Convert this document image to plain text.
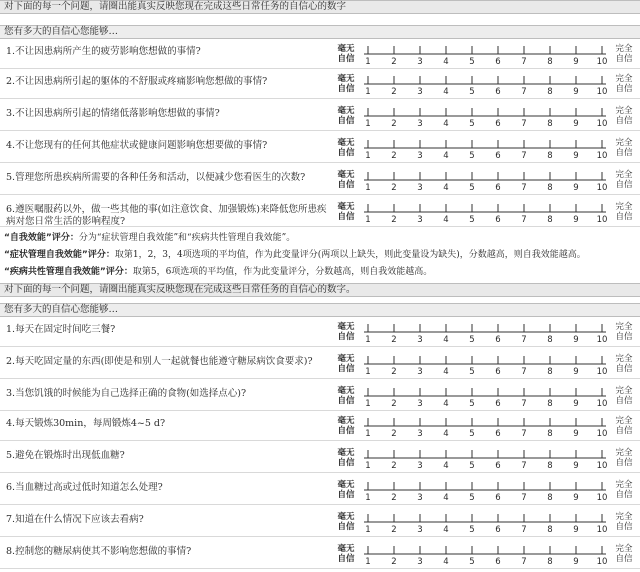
对下面的每一个问题，请圈出能真实反映您现在完成这些日常任务的自信心的数字
您有多大的自信心您能够…
1.不让因患病所产生的疲劳影响您想做的事情?	毫无
自信
完全
自信
1	2	3	4	5	6	7	8	9	10
2.不让因患病所引起的躯体的不舒服或疼痛影响您想做的事情?	毫无
自信
完全
自信
1	2	3	4	5	6	7	8	9	10
3.不让因患病所引起的情绪低落影响您想做的事情?	毫无
自信
完全
自信
1	2	3	4	5	6	7	8	9	10
4.不让您现有的任何其他症状或健康问题影响您想要做的事情?	毫无
自信
完全
自信
1	2	3	4	5	6	7	8	9	10
5.管理您所患疾病所需要的各种任务和活动，以便减少您看医生的次数?	毫无
自信
完全
自信
1	2	3	4	5	6	7	8	9	10
6.遵医嘱服药以外，做一些其他的事(如注意饮食、加强锻炼)来降低您所患疾病对您日常生活的影响程度?
毫无
自信
完全
自信
1	2	3	4	5	6	7	8	9	10
“自我效能”评分：分为“症状管理自我效能”和“疾病共性管理自我效能”。
“症状管理自我效能”评分：取第1，2，3，4项选项的平均值，作为此变量评分(两项以上缺失，则此变量设为缺失)，分数越高，则自我效能越高。
“疾病共性管理自我效能”评分：取第5，6项选项的平均值，作为此变量评分，分数越高，则自我效能越高。
对下面的每一个问题，请圈出能真实反映您现在完成这些日常任务的自信心的数字。
您有多大的自信心您能够…
1.每天在固定时间吃三餐?	毫无
自信
完全
自信
1	2	3	4	5	6	7	8	9	10
2.每天吃固定量的东西(即使是和别人一起就餐也能遵守糖尿病饮食要求)?	毫无
自信
完全
自信
1	2	3	4	5	6	7	8	9	10
3.当您饥饿的时候能为自己选择正确的食物(如选择点心)?	毫无
自信
完全
自信
1	2	3	4	5	6	7	8	9	10
4.每天锻炼30min，每周锻炼4~5 d?	毫无
自信
完全
自信
1	2	3	4	5	6	7	8	9	10
5.避免在锻炼时出现低血糖?	毫无
自信
完全
自信
1	2	3	4	5	6	7	8	9	10
6.当血糖过高或过低时知道怎么处理?	毫无
自信
完全
自信
1	2	3	4	5	6	7	8	9	10
7.知道在什么情况下应该去看病?	毫无
自信
完全
自信
1	2	3	4	5	6	7	8	9	10
8.控制您的糖尿病使其不影响您想做的事情?	毫无
自信
完全
自信
1	2	3	4	5	6	7	8	9	10
